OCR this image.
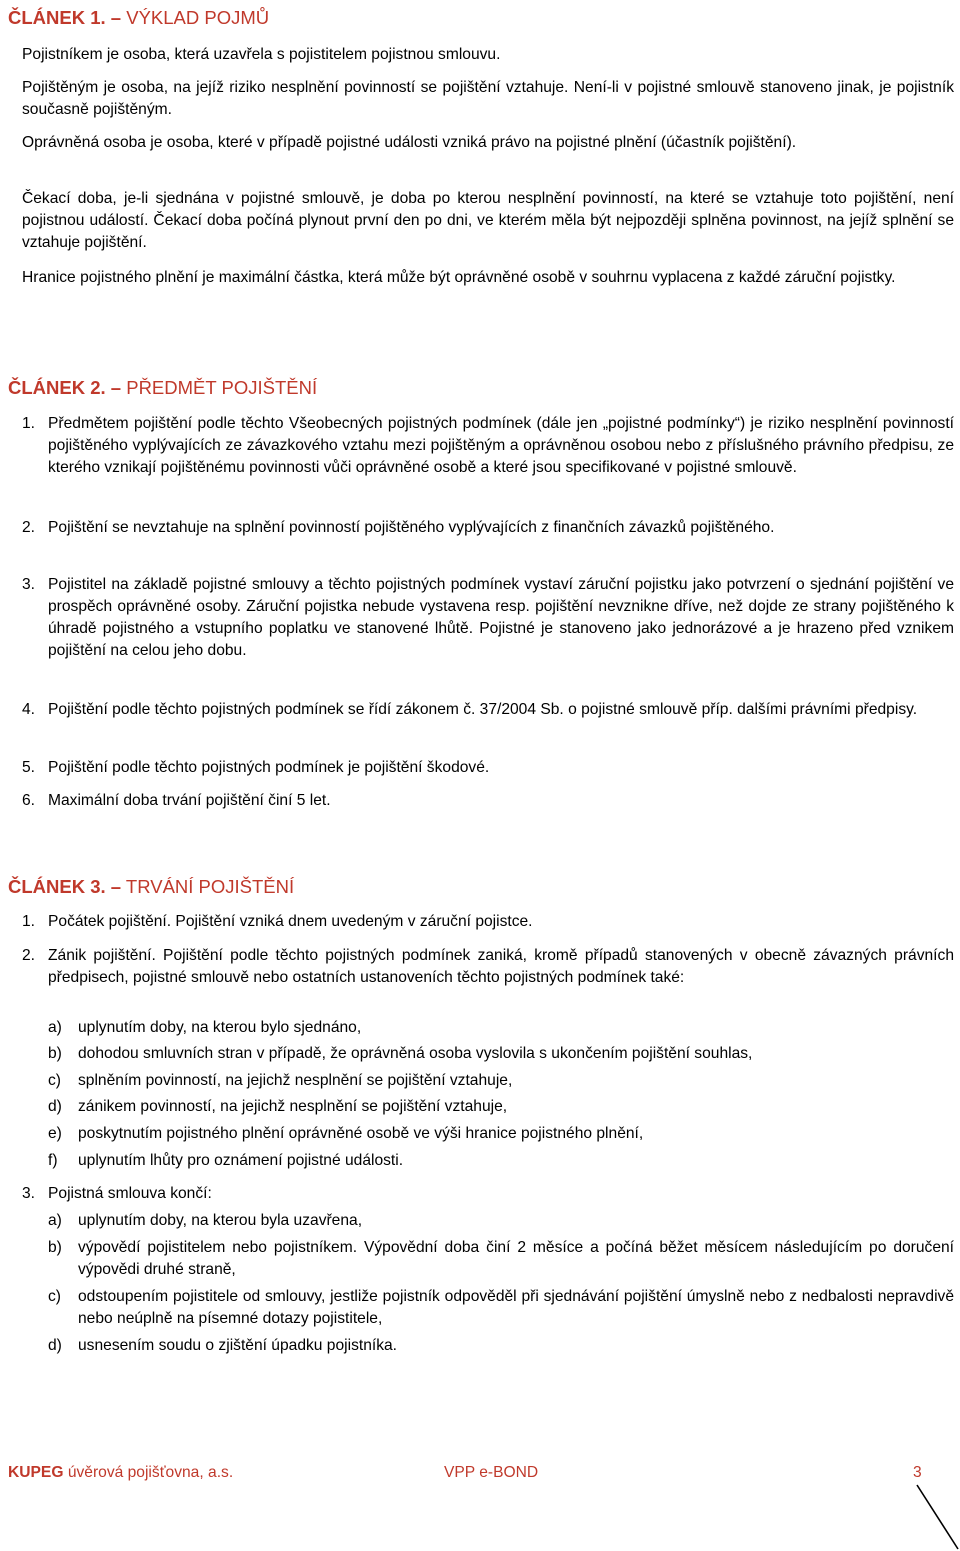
ČLÁNEK 1. – VÝKLAD POJMŮ
Pojistníkem je osoba, která uzavřela s pojistitelem pojistnou smlouvu.
Pojištěným je osoba, na jejíž riziko nesplnění povinností se pojištění vztahuje. Není-li v pojistné smlouvě stanoveno jinak, je pojistník současně pojištěným.
Oprávněná osoba je osoba, které v případě pojistné události vzniká právo na pojistné plnění (účastník pojištění).
Čekací doba, je-li sjednána v pojistné smlouvě, je doba po kterou nesplnění povinností, na které se vztahuje toto pojištění, není pojistnou událostí. Čekací doba počíná plynout první den po dni, ve kterém měla být nejpozději splněna povinnost, na jejíž splnění se vztahuje pojištění.
Hranice pojistného plnění je maximální částka, která může být oprávněné osobě v souhrnu vyplacena z každé záruční pojistky.
ČLÁNEK 2. – PŘEDMĚT POJIŠTĚNÍ
1. Předmětem pojištění podle těchto Všeobecných pojistných podmínek (dále jen „pojistné podmínky“) je riziko nesplnění povinností pojištěného vyplývajících ze závazkového vztahu mezi pojištěným a oprávněnou osobou nebo z příslušného právního předpisu, ze kterého vznikají pojištěnému povinnosti vůči oprávněné osobě a které jsou specifikované v pojistné smlouvě.
2. Pojištění se nevztahuje na splnění povinností pojištěného vyplývajících z finančních závazků pojištěného.
3. Pojistitel na základě pojistné smlouvy a těchto pojistných podmínek vystaví záruční pojistku jako potvrzení o sjednání pojištění ve prospěch oprávněné osoby. Záruční pojistka nebude vystavena resp. pojištění nevznikne dříve, než dojde ze strany pojištěného k úhradě pojistného a vstupního poplatku ve stanovené lhůtě. Pojistné je stanoveno jako jednorázové a je hrazeno před vznikem pojištění na celou jeho dobu.
4. Pojištění podle těchto pojistných podmínek se řídí zákonem č. 37/2004 Sb. o pojistné smlouvě příp. dalšími právními předpisy.
5. Pojištění podle těchto pojistných podmínek je pojištění škodové.
6. Maximální doba trvání pojištění činí 5 let.
ČLÁNEK 3. – TRVÁNÍ POJIŠTĚNÍ
1. Počátek pojištění. Pojištění vzniká dnem uvedeným v záruční pojistce.
2. Zánik pojištění. Pojištění podle těchto pojistných podmínek zaniká, kromě případů stanovených v obecně závazných právních předpisech, pojistné smlouvě nebo ostatních ustanoveních těchto pojistných podmínek také:
a)	uplynutím doby, na kterou bylo sjednáno,
b)	dohodou smluvních stran v případě, že oprávněná osoba vyslovila s ukončením pojištění souhlas,
c)	splněním povinností, na jejichž nesplnění se pojištění vztahuje,
d)	zánikem povinností, na jejichž nesplnění se pojištění vztahuje,
e)	poskytnutím pojistného plnění oprávněné osobě ve výši hranice pojistného plnění,
f)	uplynutím lhůty pro oznámení pojistné události.
3. Pojistná smlouva končí:
a)	uplynutím doby, na kterou byla uzavřena,
b)	výpovědí pojistitelem nebo pojistníkem. Výpovědní doba činí 2 měsíce a počíná běžet měsícem následujícím po doručení výpovědi druhé straně,
c)	odstoupením pojistitele od smlouvy, jestliže pojistník odpověděl při sjednávání pojištění úmyslně nebo z nedbalosti nepravdivě nebo neúplně na písemné dotazy pojistitele,
d)	usnesením soudu o zjištění úpadku pojistníka.
KUPEG úvěrová pojišťovna, a.s.	VPP e-BOND	3
